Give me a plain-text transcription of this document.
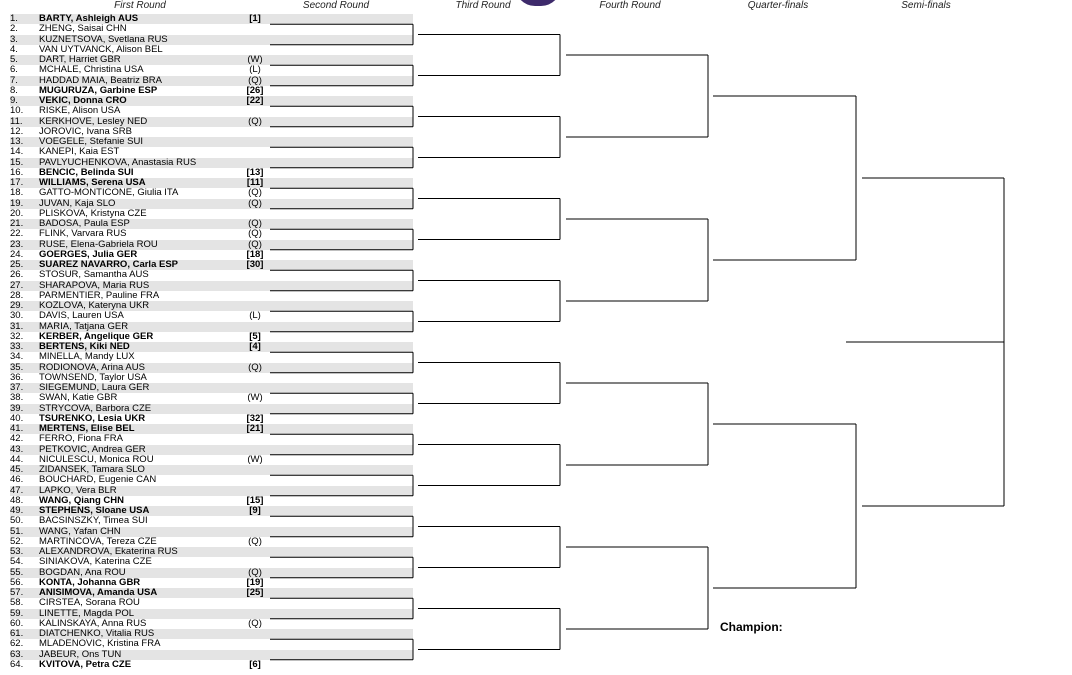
First Round	Second Round	Third Round	Fourth Round	Quarter-finals	Semi-finals
1.	BARTY, Ashleigh AUS	[1]
2.	ZHENG, Saisai CHN
3.	KUZNETSOVA, Svetlana RUS
4.	VAN UYTVANCK, Alison BEL
5.	DART, Harriet GBR	(W)
6.	MCHALE, Christina USA	(L)
7.	HADDAD MAIA, Beatriz BRA	(Q)
8.	MUGURUZA, Garbine ESP	[26]
9.	VEKIC, Donna CRO	[22]
10.	RISKE, Alison USA
11.	KERKHOVE, Lesley NED	(Q)
12.	JOROVIC, Ivana SRB
13.	VOEGELE, Stefanie SUI
14.	KANEPI, Kaia EST
15.	PAVLYUCHENKOVA, Anastasia RUS
16.	BENCIC, Belinda SUI	[13]
17.	WILLIAMS, Serena USA	[11]
18.	GATTO-MONTICONE, Giulia ITA	(Q)
19.	JUVAN, Kaja SLO	(Q)
20.	PLISKOVA, Kristyna CZE
21.	BADOSA, Paula ESP	(Q)
22.	FLINK, Varvara RUS	(Q)
23.	RUSE, Elena-Gabriela ROU	(Q)
24.	GOERGES, Julia GER	[18]
25.	SUAREZ NAVARRO, Carla ESP	[30]
26.	STOSUR, Samantha AUS
27.	SHARAPOVA, Maria RUS
28.	PARMENTIER, Pauline FRA
29.	KOZLOVA, Kateryna UKR
30.	DAVIS, Lauren USA	(L)
31.	MARIA, Tatjana GER
32.	KERBER, Angelique GER	[5]
33.	BERTENS, Kiki NED	[4]
34.	MINELLA, Mandy LUX
35.	RODIONOVA, Arina AUS	(Q)
36.	TOWNSEND, Taylor USA
37.	SIEGEMUND, Laura GER
38.	SWAN, Katie GBR	(W)
39.	STRYCOVA, Barbora CZE
40.	TSURENKO, Lesia UKR	[32]
41.	MERTENS, Elise BEL	[21]
42.	FERRO, Fiona FRA
43.	PETKOVIC, Andrea GER
44.	NICULESCU, Monica ROU	(W)
45.	ZIDANSEK, Tamara SLO
46.	BOUCHARD, Eugenie CAN
47.	LAPKO, Vera BLR
48.	WANG, Qiang CHN	[15]
49.	STEPHENS, Sloane USA	[9]
50.	BACSINSZKY, Timea SUI
51.	WANG, Yafan CHN
52.	MARTINCOVA, Tereza CZE	(Q)
53.	ALEXANDROVA, Ekaterina RUS
54.	SINIAKOVA, Katerina CZE
55.	BOGDAN, Ana ROU	(Q)
56.	KONTA, Johanna GBR	[19]
57.	ANISIMOVA, Amanda USA	[25]
58.	CIRSTEA, Sorana ROU
59.	LINETTE, Magda POL
60.	KALINSKAYA, Anna RUS	(Q)
61.	DIATCHENKO, Vitalia RUS
62.	MLADENOVIC, Kristina FRA
63.	JABEUR, Ons TUN
64.	KVITOVA, Petra CZE	[6]
Champion:
